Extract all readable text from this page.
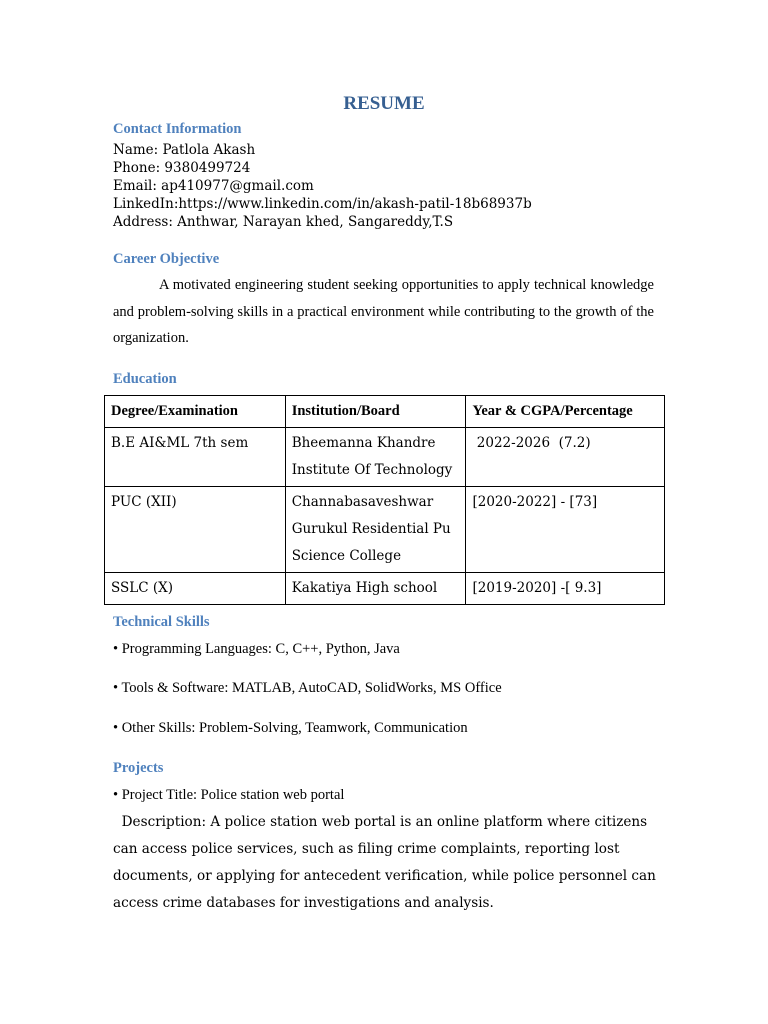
RESUME
Contact Information
Name: Patlola Akash
Phone: 9380499724
Email: ap410977@gmail.com
LinkedIn:https://www.linkedin.com/in/akash-patil-18b68937b
Address: Anthwar, Narayan khed, Sangareddy,T.S
Career Objective
A motivated engineering student seeking opportunities to apply technical knowledge and problem-solving skills in a practical environment while contributing to the growth of the organization.
Education
Degree/Examination	Institution/Board	Year & CGPA/Percentage
B.E AI&ML 7th sem	Bheemanna Khandre Institute Of Technology	2022-2026  (7.2)
PUC (XII)	Channabasaveshwar Gurukul Residential Pu Science College	[2020-2022] - [73]
SSLC (X)	Kakatiya High school	[2019-2020] -[ 9.3]
Technical Skills
• Programming Languages: C, C++, Python, Java
• Tools & Software: MATLAB, AutoCAD, SolidWorks, MS Office
• Other Skills: Problem-Solving, Teamwork, Communication
Projects
• Project Title: Police station web portal
Description: A police station web portal is an online platform where citizens can access police services, such as filing crime complaints, reporting lost documents, or applying for antecedent verification, while police personnel can access crime databases for investigations and analysis.
